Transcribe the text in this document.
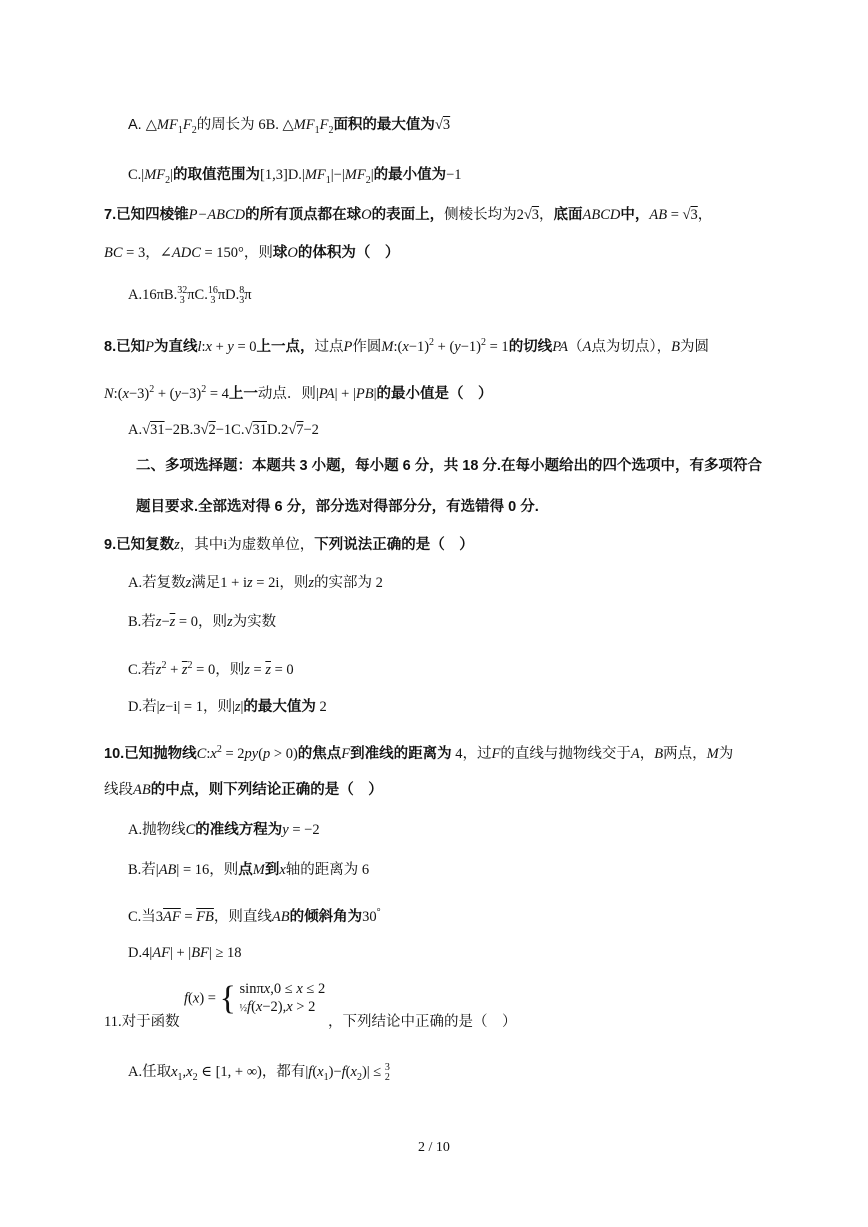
A. $\triangle MF_1F_2$的周长为 6B. $\triangle MF_1F_2$面积的最大值为√3
$C.|MF_2|$的取值范围为$[1,3]D.|MF_1|-|MF_2|$的最小值为−1
7.已知四棱锥P−ABCD的所有顶点都在球O的表面上，侧棱长均为2√3，底面ABCD中，AB = √3，
BC = 3，∠ADC = 150°，则球O的体积为（　）
A.16πB.32
3 πC.16
3 πD.8
3π
8.已知P为直线l:x + y = 0上一点，过点P作圆$M:(x-1)^2 + (y-1)^2 = 1$的切线PA（A点为切点），B为圆
$N:(x-3)^2 + (y-3)^2 = 4$上一动点．则|PA| + |PB|的最小值是（　）
A.√31−2B.3√2−1C.√31D.2√7−2
二、多项选择题：本题共 3 小题，每小题 6 分，共 18 分.在每小题给出的四个选项中，有多项符合
题目要求.全部选对得 6 分，部分选对得部分分，有选错得 0 分.
9.已知复数z，其中i为虚数单位，下列说法正确的是（　）
A.若复数z满足1 + iz = 2i，则z的实部为 2
B.若$z-\overline{z} = 0$，则z为实数
C.若$z^2 + \overline{z}^2 = 0$，则$z = \overline{z} = 0$
D.若|z−i| = 1，则|z|的最大值为 2
10.已知抛物线$C:x^2 = 2py(p > 0)$的焦点F到准线的距离为 4，过F的直线与抛物线交于A，B两点，M为
线段AB的中点，则下列结论正确的是（　）
A.抛物线C的准线方程为y = −2
B.若|AB| = 16，则点M到x轴的距离为 6
C.当$3\overline{AF} = \overline{FB}$，则直线AB的倾斜角为30°
D.4|AF| + |BF| ≥ 18
11.对于函数
f(x) = { sinπx,0 ≤ x ≤ 2
½f(x−2),x > 2
，下列结论中正确的是（　）
A.任取$x_1,x_2$ ∈ [1, + ∞)，都有$|f(x_1)-f(x_2)| \le 3$
2
2 / 10
